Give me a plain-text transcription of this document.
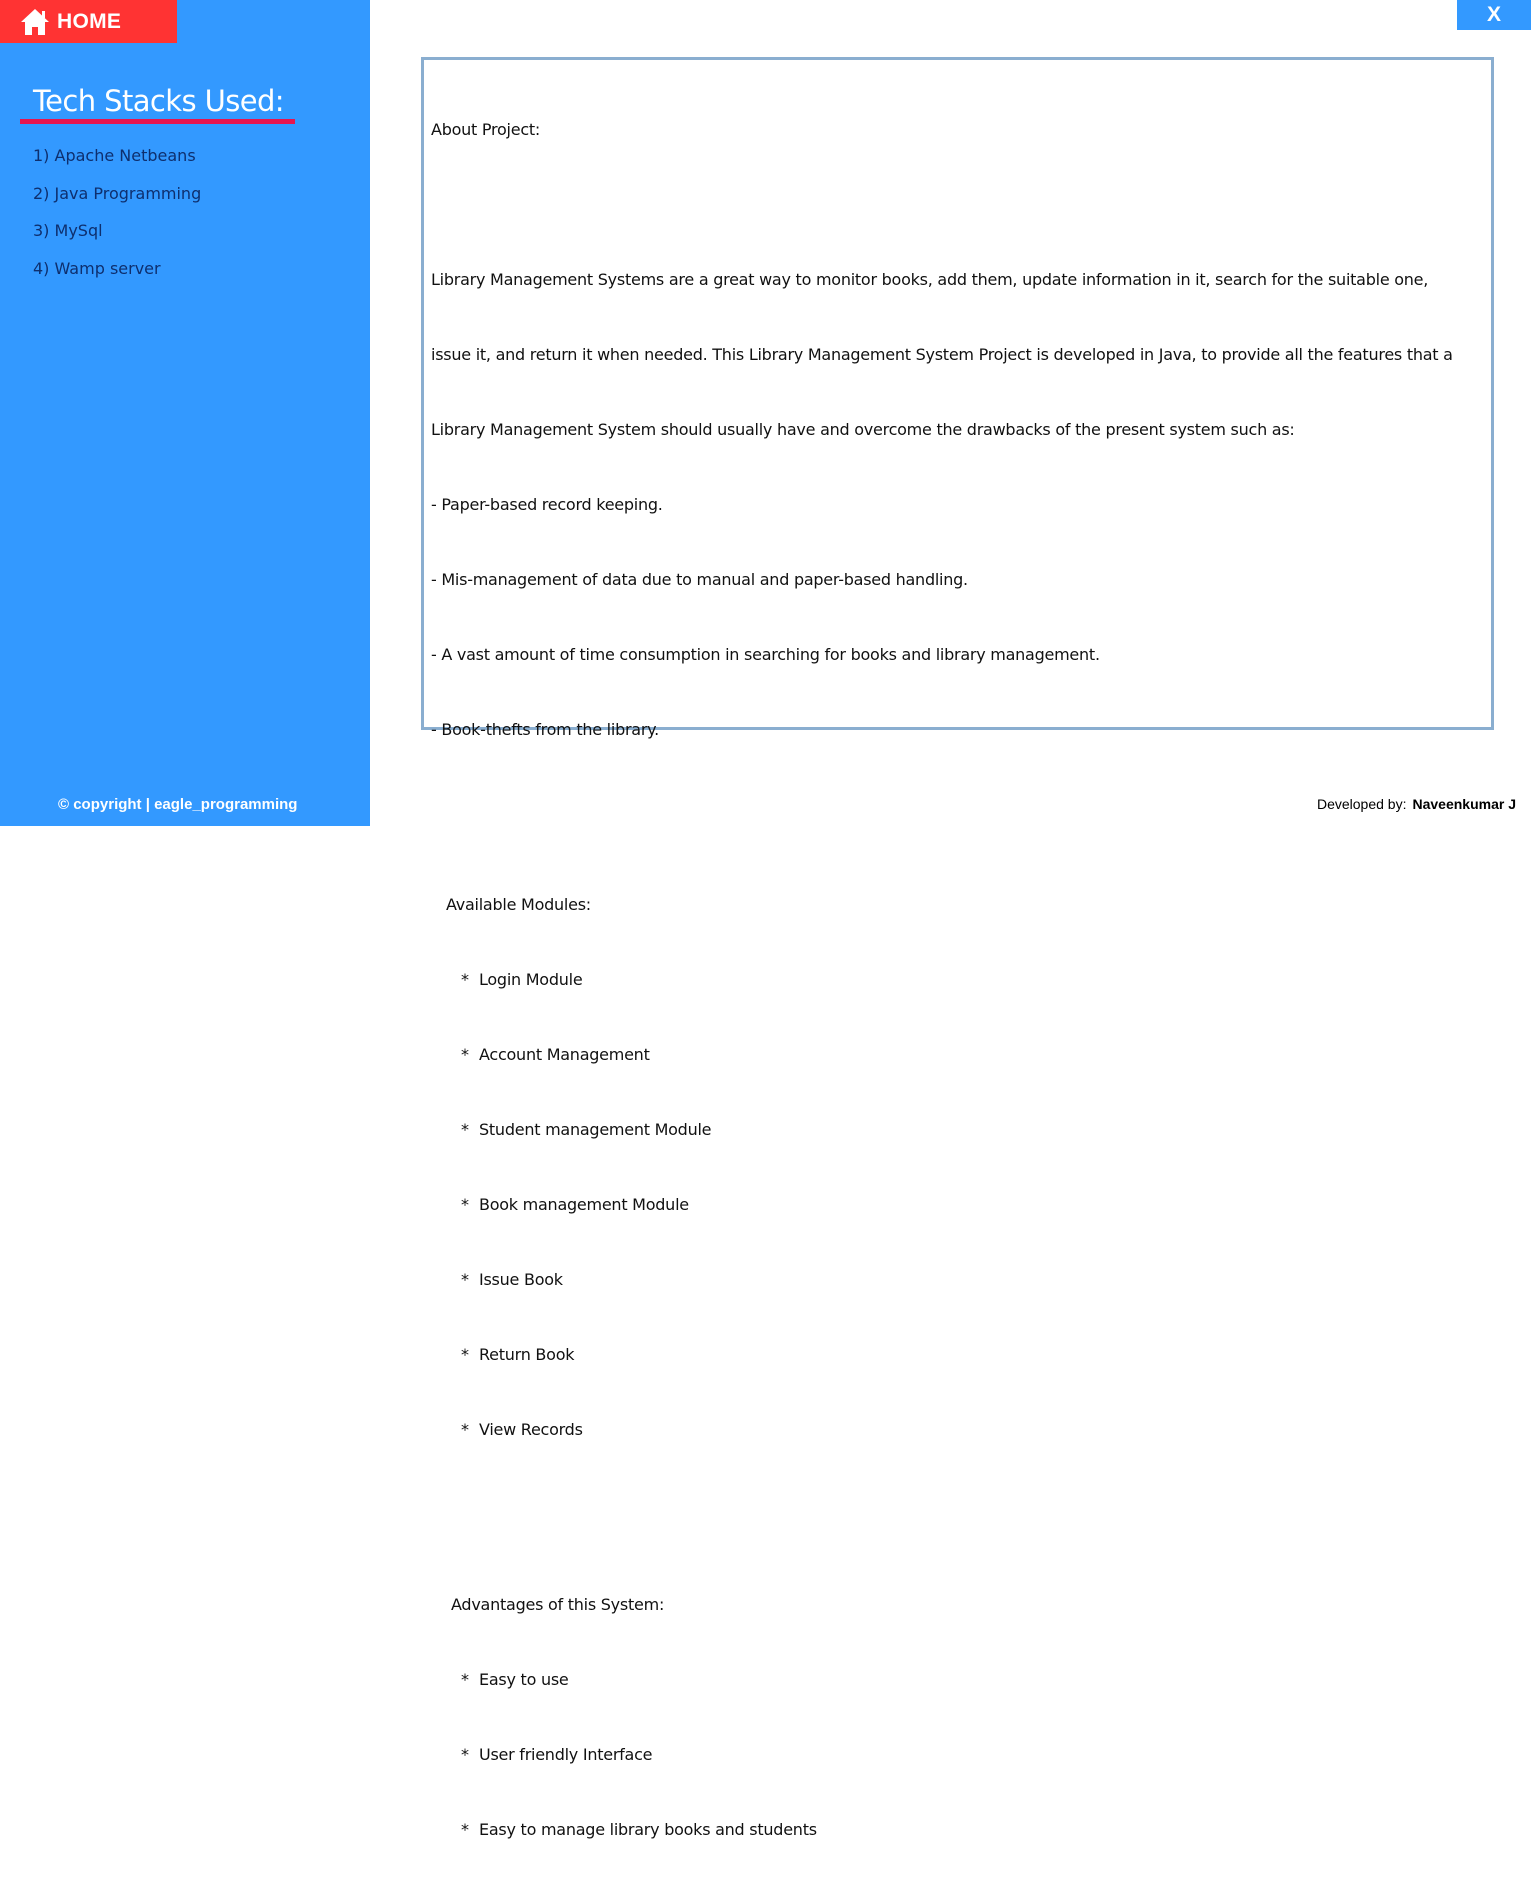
HOME
Tech Stacks Used:
1) Apache Netbeans
2) Java Programming
3) MySql
4) Wamp server
© copyright | eagle_programming
X

About Project:

Library Management Systems are a great way to monitor books, add them, update information in it, search for the suitable one,

issue it, and return it when needed. This Library Management System Project is developed in Java, to provide all the features that a

Library Management System should usually have and overcome the drawbacks of the present system such as:

- Paper-based record keeping.

- Mis-management of data due to manual and paper-based handling.

- A vast amount of time consumption in searching for books and library management.

- Book-thefts from the library.

Available Modules:

* Login Module

* Account Management

* Student management Module

* Book management Module

* Issue Book

* Return Book

* View Records

Advantages of this System:

* Easy to use

* User friendly Interface

* Easy to manage library books and students

Developed by: Naveenkumar J
